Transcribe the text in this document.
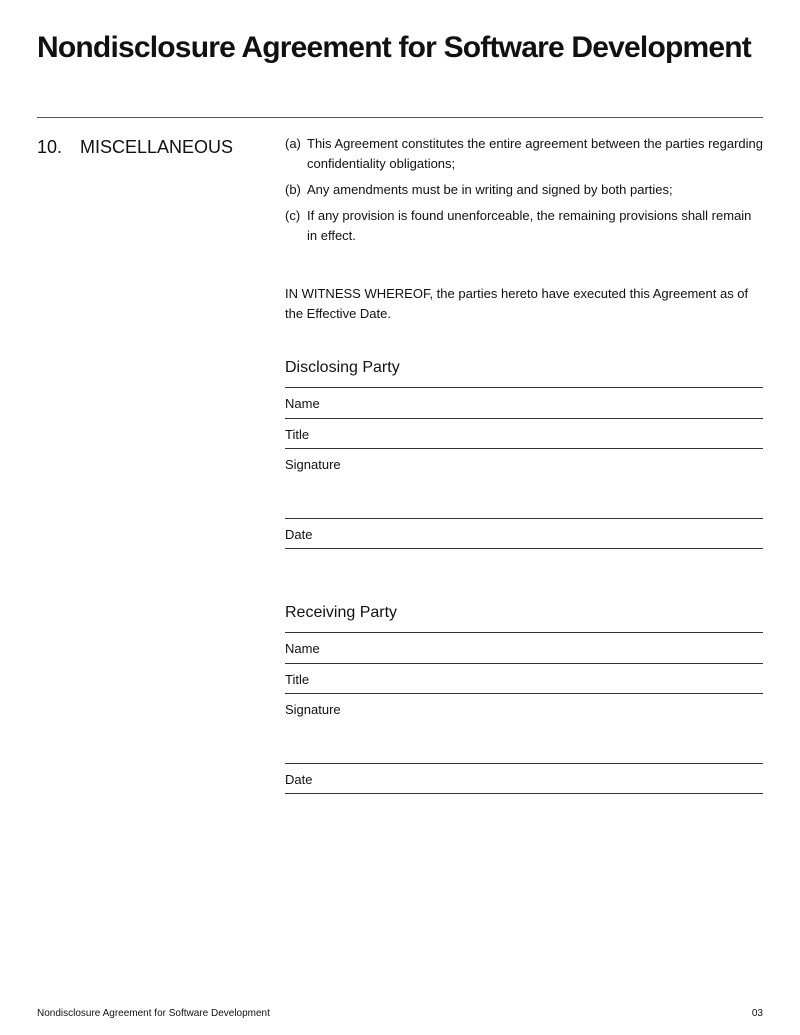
Nondisclosure Agreement for Software Development
10. MISCELLANEOUS	(a) This Agreement constitutes the entire agreement between the parties regarding confidentiality obligations;
(b) Any amendments must be in writing and signed by both parties;
(c) If any provision is found unenforceable, the remaining provisions shall remain in effect.

IN WITNESS WHEREOF, the parties hereto have executed this Agreement as of the Effective Date.

Disclosing Party
Name
Title
Signature
Date
Receiving Party
Name
Title
Signature
Date
Nondisclosure Agreement for Software Development	03
